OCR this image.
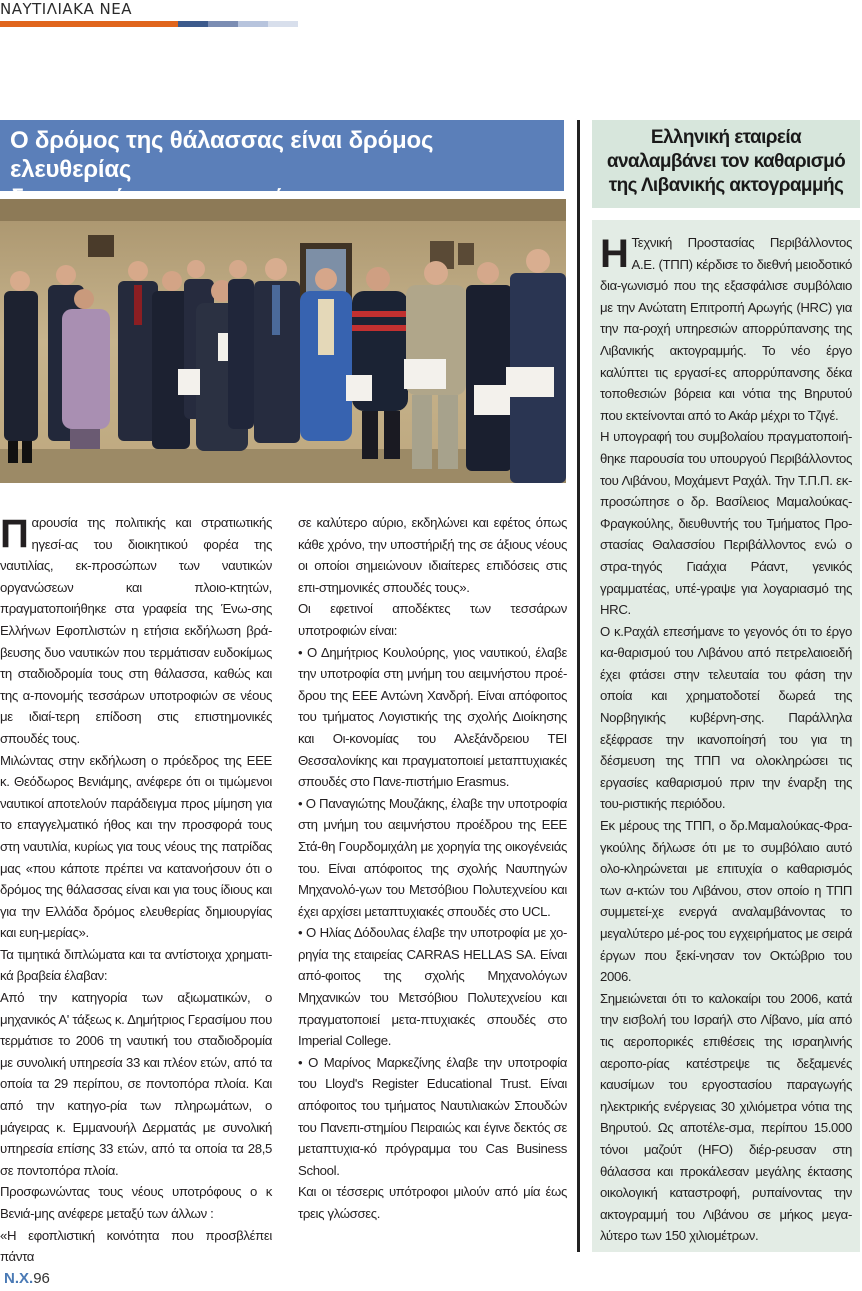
ΝΑΥΤΙΛΙΑΚΑ ΝΕΑ
Ο δρόμος της θάλασσας είναι δρόμος ελευθερίας

Παρουσία της πολιτικής και στρατιωτικής ηγεσί-ας του διοικητικού φορέα της ναυτιλίας, εκ-προσώπων των ναυτικών οργανώσεων και πλοιο-κτητών, πραγματοποιήθηκε στα γραφεία της Ένω-σης Ελλήνων Εφοπλιστών η ετήσια εκδήλωση βρά-βευσης δυο ναυτικών που τερμάτισαν ευδοκίμως τη σταδιοδρομία τους στη θάλασσα, καθώς και της α-πονομής τεσσάρων υποτροφιών σε νέους με ιδιαί-τερη επίδοση στις επιστημονικές σπουδές τους.

Μιλώντας στην εκδήλωση ο πρόεδρος της ΕΕΕ κ. Θεόδωρος Βενιάμης, ανέφερε ότι οι τιμώμενοι ναυτικοί αποτελούν παράδειγμα προς μίμηση για το επαγγελματικό ήθος και την προσφορά τους στη ναυτιλία, κυρίως για τους νέους της πατρίδας μας «που κάποτε πρέπει να κατανοήσουν ότι ο δρόμος της θάλασσας είναι και για τους ίδιους και για την Ελλάδα δρόμος ελευθερίας δημιουργίας και ευη-μερίας».

Τα τιμητικά διπλώματα και τα αντίστοιχα χρηματι-κά βραβεία έλαβαν:

Από την κατηγορία των αξιωματικών, ο μηχανικός Α' τάξεως κ. Δημήτριος Γερασίμου που τερμάτισε το 2006 τη ναυτική του σταδιοδρομία με συνολική υπηρεσία 33 και πλέον ετών, από τα οποία τα 29 περίπου, σε ποντοπόρα πλοία. Και από την κατηγο-ρία των πληρωμάτων, ο μάγειρας κ. Εμμανουήλ Δερματάς με συνολική υπηρεσία επίσης 33 ετών, από τα οποία τα 28,5 σε ποντοπόρα πλοία.

Προσφωνώντας τους νέους υποτρόφους ο κ Βενιά-μης ανέφερε μεταξύ των άλλων :

«Η εφοπλιστική κοινότητα που προσβλέπει πάντα

σε καλύτερο αύριο, εκδηλώνει και εφέτος όπως κάθε χρόνο, την υποστήριξή της σε άξιους νέους οι οποίοι σημειώνουν ιδιαίτερες επιδόσεις στις επι-στημονικές σπουδές τους».

Οι εφετινοί αποδέκτες των τεσσάρων υποτροφιών είναι:

• Ο Δημήτριος Κουλούρης, γιος ναυτικού, έλαβε την υποτροφία στη μνήμη του αειμνήστου προέ-δρου της ΕΕΕ Αντώνη Χανδρή. Είναι απόφοιτος του τμήματος Λογιστικής της σχολής Διοίκησης και Οι-κονομίας του Αλεξάνδρειου ΤΕΙ Θεσσαλονίκης και πραγματοποιεί μεταπτυχιακές σπουδές στο Πανε-πιστήμιο Erasmus.

• Ο Παναγιώτης Μουζάκης, έλαβε την υποτροφία στη μνήμη του αειμνήστου προέδρου της ΕΕΕ Στά-θη Γουρδομιχάλη με χορηγία της οικογένειάς του. Είναι απόφοιτος της σχολής Ναυπηγών Μηχανολό-γων του Μετσόβιου Πολυτεχνείου και έχει αρχίσει μεταπτυχιακές σπουδές στο UCL.

• Ο Ηλίας Δόδουλας έλαβε την υποτροφία με χο-ρηγία της εταιρείας CARRAS HELLAS SA. Είναι από-φοιτος της σχολής Μηχανολόγων Μηχανικών του Μετσόβιου Πολυτεχνείου και πραγματοποιεί μετα-πτυχιακές σπουδές στο Imperial College.

• Ο Μαρίνος Μαρκεζίνης έλαβε την υποτροφία του Lloyd's Register Educational Trust. Είναι απόφοιτος του τμήματος Ναυτιλιακών Σπουδών του Πανεπι-στημίου Πειραιώς και έγινε δεκτός σε μεταπτυχια-κό πρόγραμμα του Cas Business School.

Και οι τέσσερις υπότροφοι μιλούν από μία έως τρεις γλώσσες.

Ελληνική εταιρεία
αναλαμβάνει τον καθαρισμό
της Λιβανικής ακτογραμμής

Η Τεχνική Προστασίας Περιβάλλοντος Α.Ε. (ΤΠΠ) κέρδισε το διεθνή μειοδοτικό δια-γωνισμό που της εξασφάλισε συμβόλαιο με την Ανώτατη Επιτροπή Αρωγής (HRC) για την πα-ροχή υπηρεσιών απορρύπανσης της Λιβανικής ακτογραμμής. Το νέο έργο καλύπτει τις εργασί-ες απορρύπανσης δέκα τοποθεσιών βόρεια και νότια της Βηρυτού που εκτείνονται από το Ακάρ μέχρι το Τζιγέ.

Η υπογραφή του συμβολαίου πραγματοποιή-θηκε παρουσία του υπουργού Περιβάλλοντος του Λιβάνου, Μοχάμεντ Ραχάλ. Την Τ.Π.Π. εκ-προσώπησε ο δρ. Βασίλειος Μαμαλούκας-Φραγκούλης, διευθυντής του Τμήματος Προ-στασίας Θαλασσίου Περιβάλλοντος ενώ ο στρα-τηγός Γιαάχια Ράαντ, γενικός γραμματέας, υπέ-γραψε για λογαριασμό της HRC.

Ο κ.Ραχάλ επεσήμανε το γεγονός ότι το έργο κα-θαρισμού του Λιβάνου από πετρελαιοειδή έχει φτάσει στην τελευταία του φάση την οποία και χρηματοδοτεί δωρεά της Νορβηγικής κυβέρνη-σης. Παράλληλα εξέφρασε την ικανοποίησή του για τη δέσμευση της ΤΠΠ να ολοκληρώσει τις εργασίες καθαρισμού πριν την έναρξη της του-ριστικής περιόδου.

Εκ μέρους της ΤΠΠ, ο δρ.Μαμαλούκας-Φρα-γκούλης δήλωσε ότι με το συμβόλαιο αυτό ολο-κληρώνεται με επιτυχία ο καθαρισμός των α-κτών του Λιβάνου, στον οποίο η ΤΠΠ συμμετεί-χε ενεργά αναλαμβάνοντας το μεγαλύτερο μέ-ρος του εγχειρήματος με σειρά έργων που ξεκί-νησαν τον Οκτώβριο του 2006.

Σημειώνεται ότι το καλοκαίρι του 2006, κατά την εισβολή του Ισραήλ στο Λίβανο, μία από τις αεροπορικές επιθέσεις της ισραηλινής αεροπο-ρίας κατέστρεψε τις δεξαμενές καυσίμων του εργοστασίου παραγωγής ηλεκτρικής ενέργειας 30 χιλιόμετρα νότια της Βηρυτού. Ως αποτέλε-σμα, περίπου 15.000 τόνοι μαζούτ (HFO) διέρ-ρευσαν στη θάλασσα και προκάλεσαν μεγάλης έκτασης οικολογική καταστροφή, ρυπαίνοντας την ακτογραμμή του Λιβάνου σε μήκος μεγα-λύτερο των 150 χιλιομέτρων.

Ν.Χ.96
